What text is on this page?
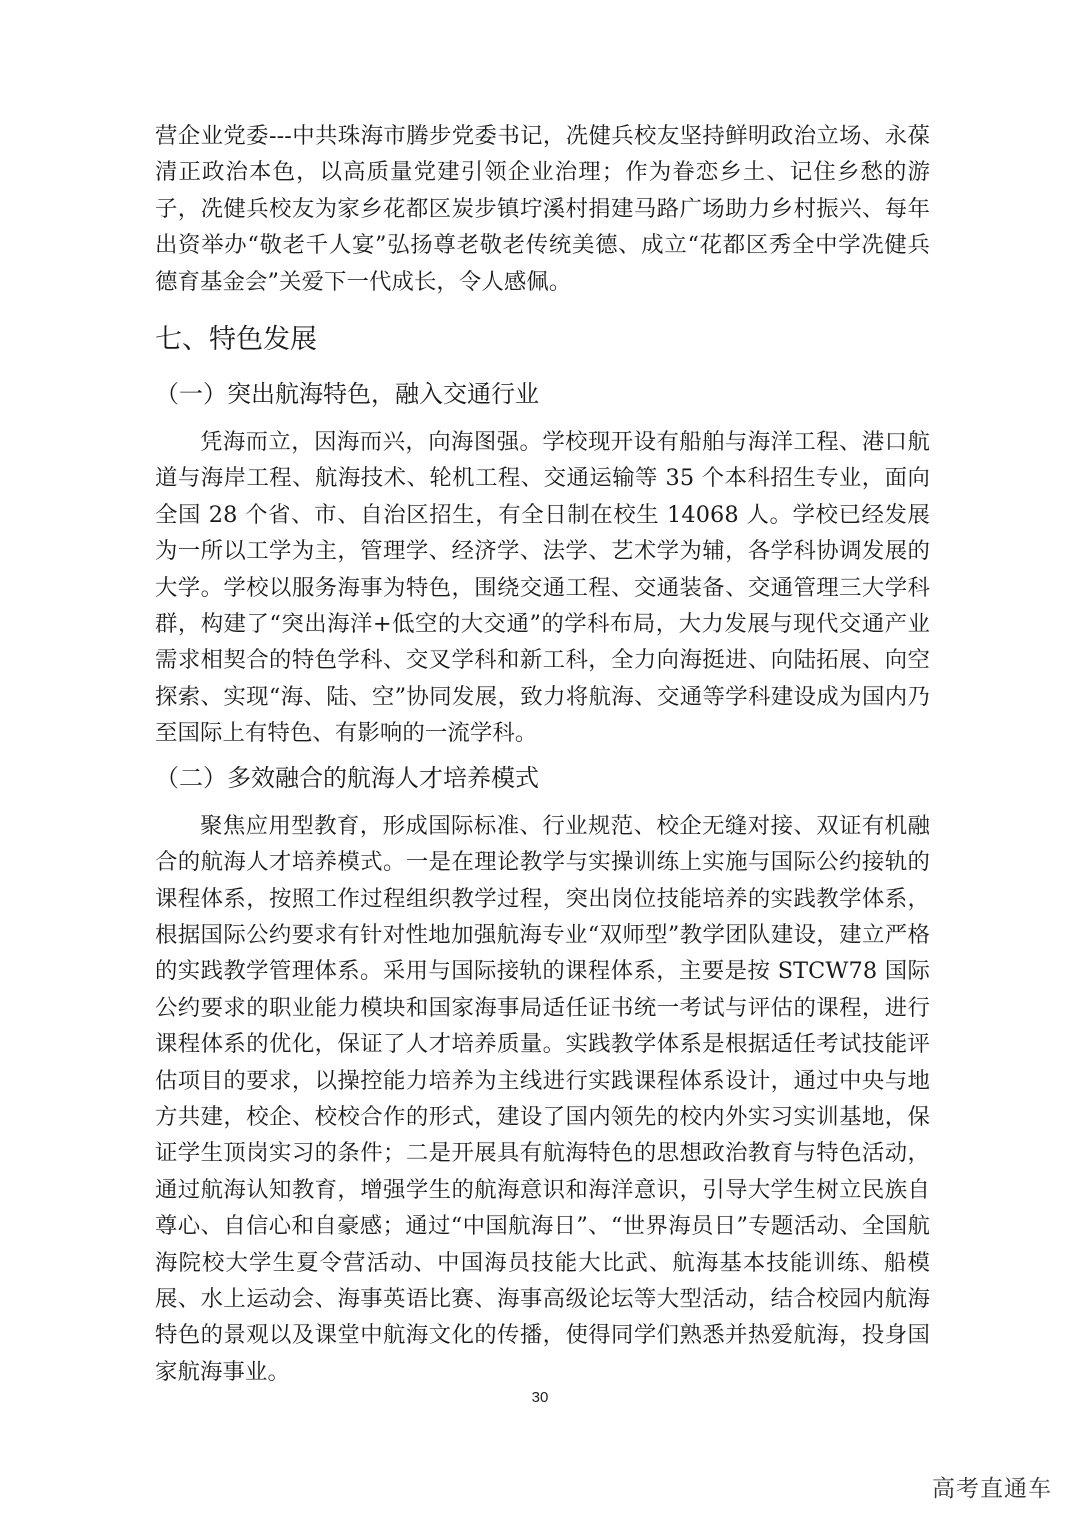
营企业党委---中共珠海市腾步党委书记，冼健兵校友坚持鲜明政治立场、永葆清正政治本色，以高质量党建引领企业治理；作为眷恋乡土、记住乡愁的游子，冼健兵校友为家乡花都区炭步镇坾溪村捐建马路广场助力乡村振兴、每年出资举办“敬老千人宴”弘扬尊老敬老传统美德、成立“花都区秀全中学冼健兵德育基金会”关爱下一代成长，令人感佩。

七、特色发展
（一）突出航海特色，融入交通行业

凭海而立，因海而兴，向海图强。学校现开设有船舶与海洋工程、港口航道与海岸工程、航海技术、轮机工程、交通运输等 35 个本科招生专业，面向全国 28 个省、市、自治区招生，有全日制在校生 14068 人。学校已经发展为一所以工学为主，管理学、经济学、法学、艺术学为辅，各学科协调发展的大学。学校以服务海事为特色，围绕交通工程、交通装备、交通管理三大学科群，构建了“突出海洋+低空的大交通”的学科布局，大力发展与现代交通产业需求相契合的特色学科、交叉学科和新工科，全力向海挺进、向陆拓展、向空探索、实现“海、陆、空”协同发展，致力将航海、交通等学科建设成为国内乃至国际上有特色、有影响的一流学科。

（二）多效融合的航海人才培养模式

聚焦应用型教育，形成国际标准、行业规范、校企无缝对接、双证有机融合的航海人才培养模式。一是在理论教学与实操训练上实施与国际公约接轨的课程体系，按照工作过程组织教学过程，突出岗位技能培养的实践教学体系，根据国际公约要求有针对性地加强航海专业“双师型”教学团队建设，建立严格的实践教学管理体系。采用与国际接轨的课程体系，主要是按 STCW78 国际公约要求的职业能力模块和国家海事局适任证书统一考试与评估的课程，进行课程体系的优化，保证了人才培养质量。实践教学体系是根据适任考试技能评估项目的要求，以操控能力培养为主线进行实践课程体系设计，通过中央与地方共建，校企、校校合作的形式，建设了国内领先的校内外实习实训基地，保证学生顶岗实习的条件；二是开展具有航海特色的思想政治教育与特色活动，通过航海认知教育，增强学生的航海意识和海洋意识，引导大学生树立民族自尊心、自信心和自豪感；通过“中国航海日”、“世界海员日”专题活动、全国航海院校大学生夏令营活动、中国海员技能大比武、航海基本技能训练、船模展、水上运动会、海事英语比赛、海事高级论坛等大型活动，结合校园内航海特色的景观以及课堂中航海文化的传播，使得同学们熟悉并热爱航海，投身国家航海事业。

30
高考直通车
